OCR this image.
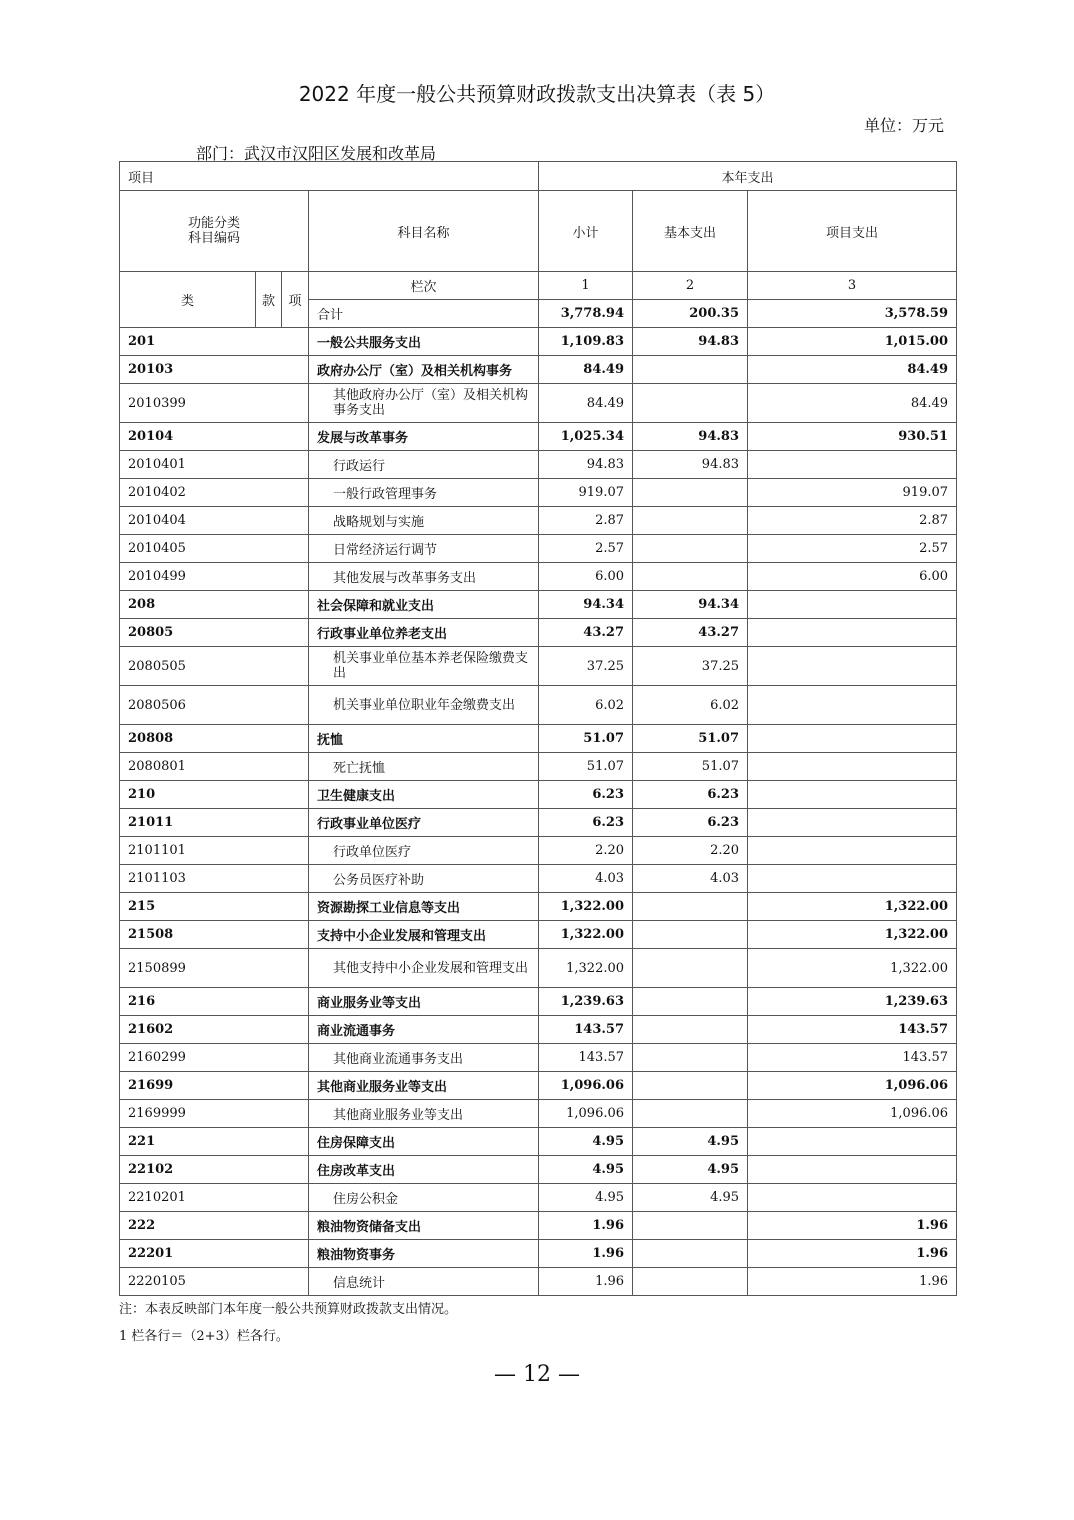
2022 年度一般公共预算财政拨款支出决算表（表 5）
单位：万元
部门：武汉市汉阳区发展和改革局
项目				本年支出		

功能分类
科目编码			科目名称	小计	基本支出	项目支出
类	款	项	栏次	1	2	3
			合计	3,778.94	200.35	3,578.59
201			一般公共服务支出	1,109.83	94.83	1,015.00
20103			政府办公厅（室）及相关机构事务	84.49		84.49
2010399			其他政府办公厅（室）及相关机构事务支出	84.49		84.49
20104			发展与改革事务	1,025.34	94.83	930.51
2010401			行政运行	94.83	94.83	
2010402			一般行政管理事务	919.07		919.07
2010404			战略规划与实施	2.87		2.87
2010405			日常经济运行调节	2.57		2.57
2010499			其他发展与改革事务支出	6.00		6.00
208			社会保障和就业支出	94.34	94.34	
20805			行政事业单位养老支出	43.27	43.27	
2080505			机关事业单位基本养老保险缴费支出	37.25	37.25	
2080506			机关事业单位职业年金缴费支出	6.02	6.02	
20808			抚恤	51.07	51.07	
2080801			死亡抚恤	51.07	51.07	
210			卫生健康支出	6.23	6.23	
21011			行政事业单位医疗	6.23	6.23	
2101101			行政单位医疗	2.20	2.20	
2101103			公务员医疗补助	4.03	4.03	
215			资源勘探工业信息等支出	1,322.00		1,322.00
21508			支持中小企业发展和管理支出	1,322.00		1,322.00
2150899			其他支持中小企业发展和管理支出	1,322.00		1,322.00
216			商业服务业等支出	1,239.63		1,239.63
21602			商业流通事务	143.57		143.57
2160299			其他商业流通事务支出	143.57		143.57
21699			其他商业服务业等支出	1,096.06		1,096.06
2169999			其他商业服务业等支出	1,096.06		1,096.06
221			住房保障支出	4.95	4.95	
22102			住房改革支出	4.95	4.95	
2210201			住房公积金	4.95	4.95	
222			粮油物资储备支出	1.96		1.96
22201			粮油物资事务	1.96		1.96
2220105			信息统计	1.96		1.96
注：本表反映部门本年度一般公共预算财政拨款支出情况。
1 栏各行＝（2+3）栏各行。
— 12 —
